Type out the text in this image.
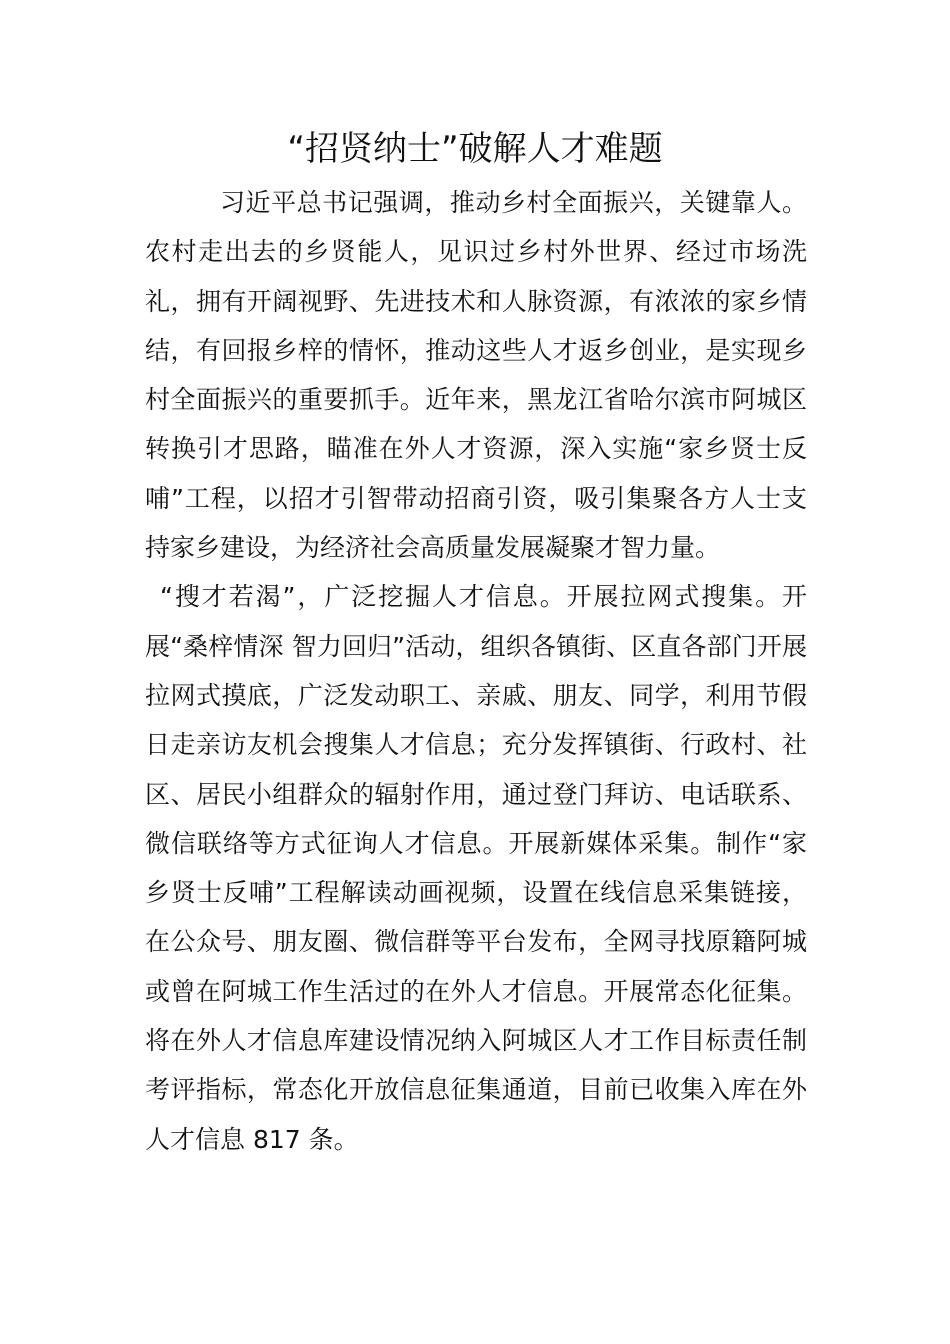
“招贤纳士”破解人才难题

习近平总书记强调，推动乡村全面振兴，关键靠人。农村走出去的乡贤能人，见识过乡村外世界、经过市场洗礼，拥有开阔视野、先进技术和人脉资源，有浓浓的家乡情结，有回报乡梓的情怀，推动这些人才返乡创业，是实现乡村全面振兴的重要抓手。近年来，黑龙江省哈尔滨市阿城区转换引才思路，瞄准在外人才资源，深入实施“家乡贤士反哺”工程，以招才引智带动招商引资，吸引集聚各方人士支持家乡建设，为经济社会高质量发展凝聚才智力量。

“搜才若渴”，广泛挖掘人才信息。开展拉网式搜集。开展“桑梓情深 智力回归”活动，组织各镇街、区直各部门开展拉网式摸底，广泛发动职工、亲戚、朋友、同学，利用节假日走亲访友机会搜集人才信息；充分发挥镇街、行政村、社区、居民小组群众的辐射作用，通过登门拜访、电话联系、微信联络等方式征询人才信息。开展新媒体采集。制作“家乡贤士反哺”工程解读动画视频，设置在线信息采集链接，在公众号、朋友圈、微信群等平台发布，全网寻找原籍阿城或曾在阿城工作生活过的在外人才信息。开展常态化征集。将在外人才信息库建设情况纳入阿城区人才工作目标责任制考评指标，常态化开放信息征集通道，目前已收集入库在外人才信息 817 条。
